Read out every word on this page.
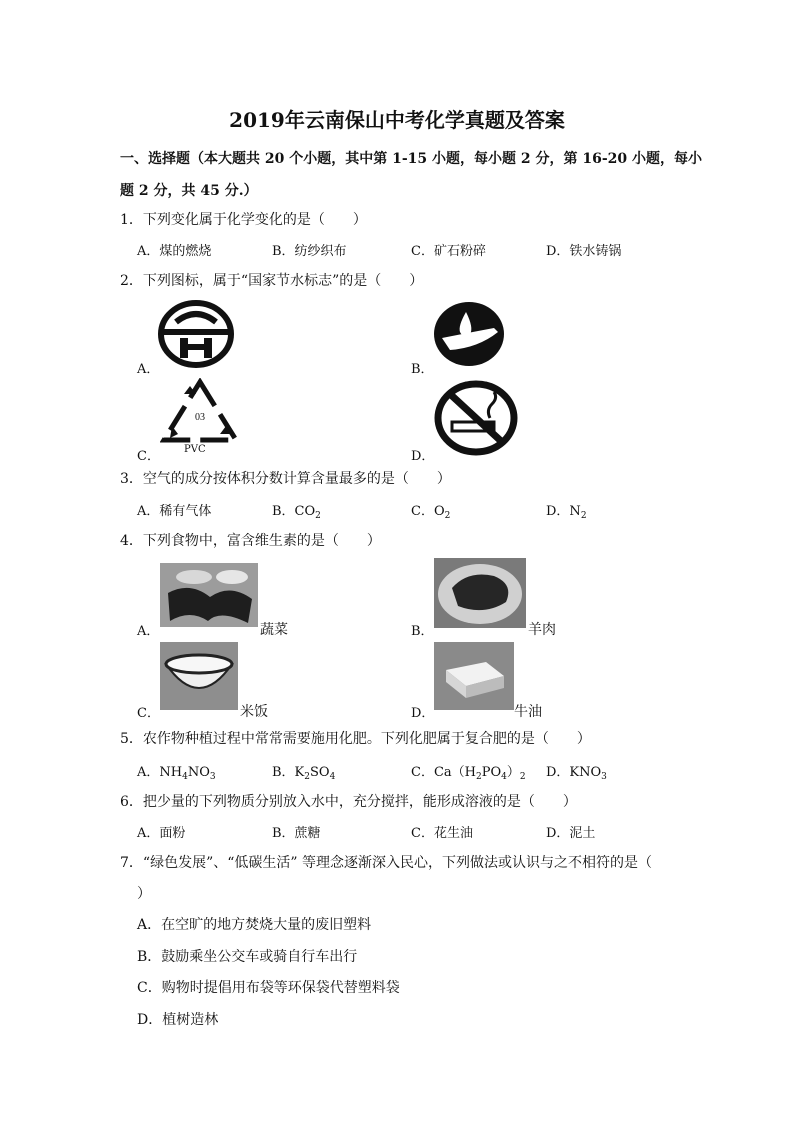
2019年云南保山中考化学真题及答案
一、选择题（本大题共 20 个小题，其中第 1-15 小题，每小题 2 分，第 16-20 小题，每小
题 2 分，共 45 分.）
1．下列变化属于化学变化的是（　　）
A．煤的燃烧	B．纺纱织布	C．矿石粉碎	D．铁水铸锅
2．下列图标，属于“国家节水标志”的是（　　）
A．	B．
03
PVC
C．	D．
3．空气的成分按体积分数计算含量最多的是（　　）
A．稀有气体	B．$CO_2$	C．$O_2$	D．$N_2$
4．下列食物中，富含维生素的是（　　）
A．	蔬菜	B．	羊肉
C．	米饭	D．	牛油
5．农作物种植过程中常常需要施用化肥。下列化肥属于复合肥的是（　　）
A．$NH_4NO_3$	B．$K_2SO_4$	C．$Ca(H_2PO_4)_2$ D．$KNO_3$
6．把少量的下列物质分别放入水中，充分搅拌，能形成溶液的是（　　）
A．面粉	B．蔗糖	C．花生油	D．泥土
7．“绿色发展”、“低碳生活” 等理念逐渐深入民心，下列做法或认识与之不相符的是（
）
A．在空旷的地方焚烧大量的废旧塑料
B．鼓励乘坐公交车或骑自行车出行
C．购物时提倡用布袋等环保袋代替塑料袋
D．植树造林
